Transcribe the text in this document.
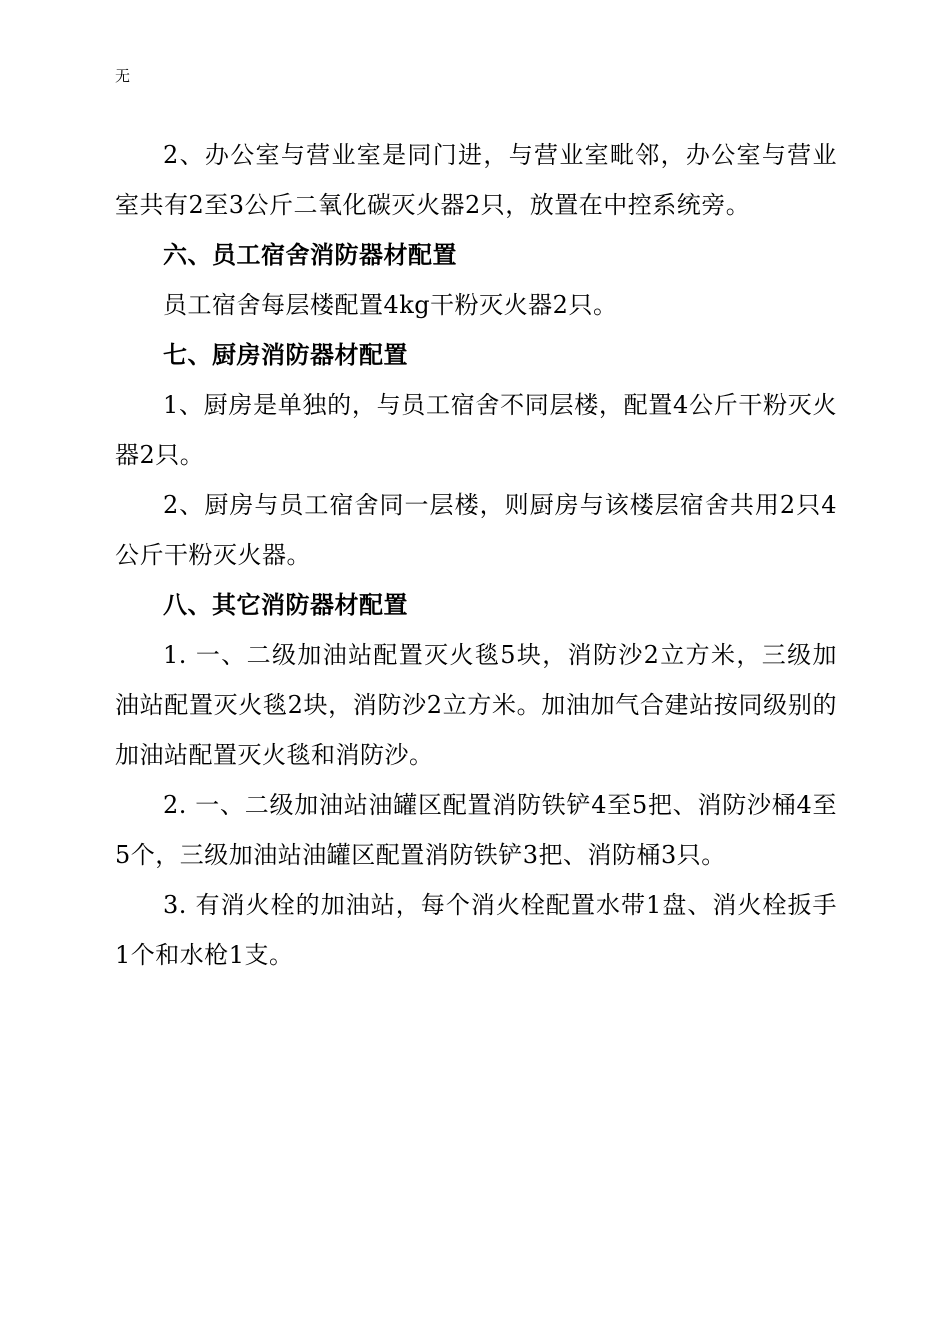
无

2、办公室与营业室是同门进，与营业室毗邻，办公室与营业室共有2至3公斤二氧化碳灭火器2只，放置在中控系统旁。

六、员工宿舍消防器材配置

员工宿舍每层楼配置4kg干粉灭火器2只。

七、厨房消防器材配置

1、厨房是单独的，与员工宿舍不同层楼，配置4公斤干粉灭火器2只。

2、厨房与员工宿舍同一层楼，则厨房与该楼层宿舍共用2只4公斤干粉灭火器。

八、其它消防器材配置

1. 一、二级加油站配置灭火毯5块，消防沙2立方米，三级加油站配置灭火毯2块，消防沙2立方米。加油加气合建站按同级别的加油站配置灭火毯和消防沙。

2. 一、二级加油站油罐区配置消防铁铲4至5把、消防沙桶4至5个，三级加油站油罐区配置消防铁铲3把、消防桶3只。

3. 有消火栓的加油站，每个消火栓配置水带1盘、消火栓扳手1个和水枪1支。
